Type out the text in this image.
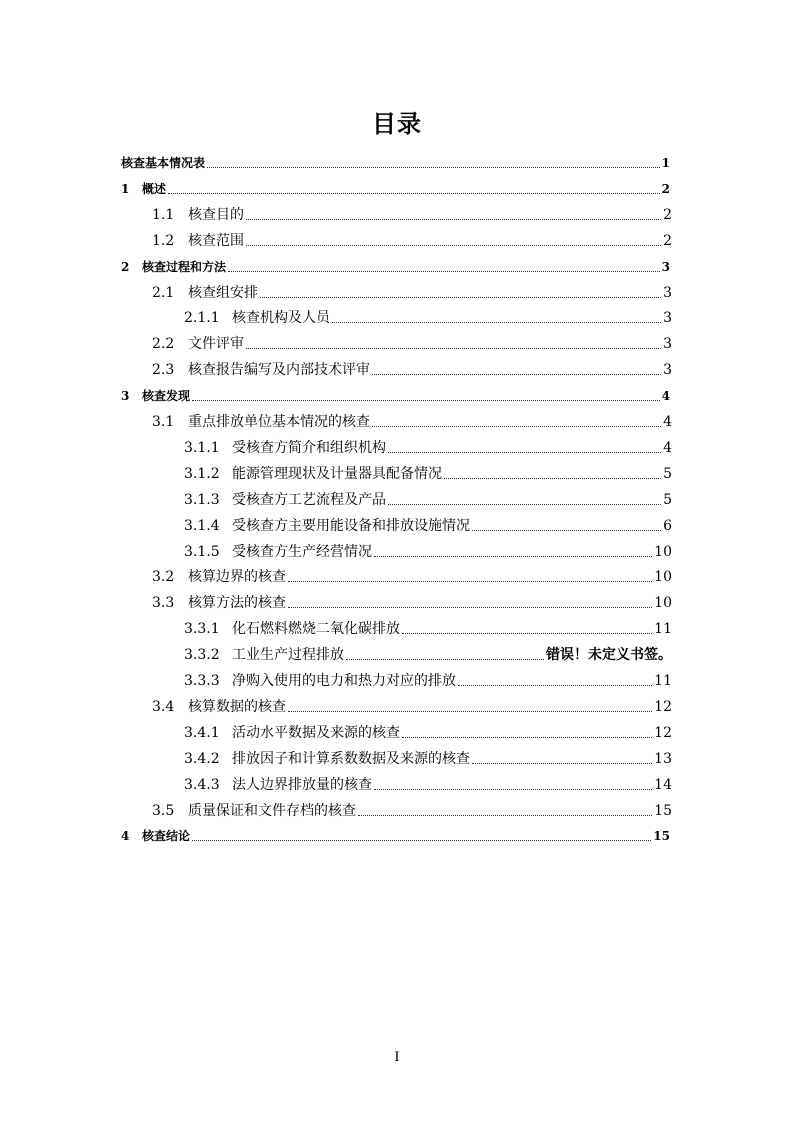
目录
核查基本情况表	1
1	概述	2
1.1 核查目的	2
1.2 核查范围	2
2	核查过程和方法	3
2.1 核查组安排	3
2.1.1 核查机构及人员	3
2.2 文件评审	3
2.3 核查报告编写及内部技术评审	3
3	核查发现	4
3.1 重点排放单位基本情况的核查	4
3.1.1 受核查方简介和组织机构	4
3.1.2 能源管理现状及计量器具配备情况	5
3.1.3 受核查方工艺流程及产品	5
3.1.4 受核查方主要用能设备和排放设施情况	6
3.1.5 受核查方生产经营情况	10
3.2 核算边界的核查	10
3.3 核算方法的核查	10
3.3.1 化石燃料燃烧二氧化碳排放	11
3.3.2 工业生产过程排放	错误！未定义书签。
3.3.3 净购入使用的电力和热力对应的排放	11
3.4 核算数据的核查	12
3.4.1 活动水平数据及来源的核查	12
3.4.2 排放因子和计算系数数据及来源的核查	13
3.4.3 法人边界排放量的核查	14
3.5 质量保证和文件存档的核查	15
4	核查结论	15
I
